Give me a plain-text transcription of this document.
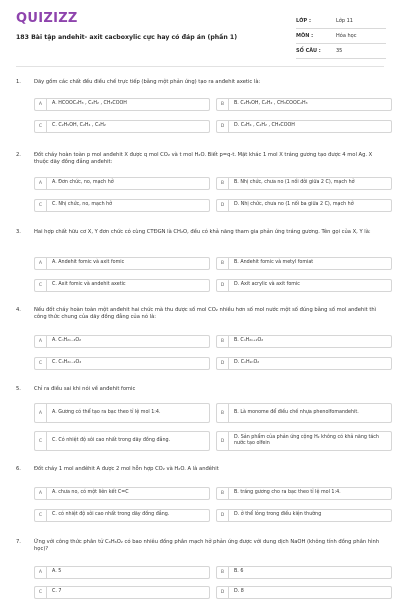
QUIZIZZ
183 Bài tập andehit- axit cacboxylic cực hay có đáp án (phần 1)
LỚP :	Lớp 11
MÔN :	Hóa học
SỐ CÂU :	35
1.	Dãy gồm các chất đều điều chế trực tiếp (bằng một phản ứng) tạo ra anđehit axetic là:
A	A. HCOOC₂H₃ , C₂H₂ , CH₃COOH	B	B. C₂H₅OH, C₂H₂ , CH₃COOC₂H₃
C	C. C₂H₅OH, C₂H₄ , C₂H₂	D	D. C₂H₄ , C₂H₂ , CH₃COOH
2.	Đốt cháy hoàn toàn p mol anđehit X được q mol CO₂ và t mol H₂O. Biết p=q-t. Mặt khác 1 mol X tráng gương tạo được 4 mol Ag. X thuộc dãy đồng đẳng anđehit:
A	A. Đơn chức, no, mạch hở	B	B. Nhị chức, chưa no (1 nối đôi giữa 2 C), mạch hở
C	C. Nhị chức, no, mạch hở	D	D. Nhị chức, chưa no (1 nối ba giữa 2 C), mạch hở
3.	Hai hợp chất hữu cơ X, Y đơn chức có cùng CTĐGN là CH₂O, đều có khả năng tham gia phản ứng tráng gương. Tên gọi của X, Y là:
A	A. Andehit fomic và axit fomic	B	B. Andehit fomic và metyl fomiat
C	C. Axit fomic và andehit axetic	D	D. Axit acrylic và axit fomic
4.	Nếu đốt cháy hoàn toàn một anđehit hai chức mà thu được số mol CO₂ nhiều hơn số mol nước một số đúng bằng số mol anđehit thì công thức chung của dãy đồng đẳng của nó là:
A	A. CₙH₂ₙ₋₄O₂	B	B. CₙH₂ₙ₊₂O₂
C	C. CₙH₂ₙ₋₂O₂	D	D. CₙH₂ₙO₂
5.	Chỉ ra điều sai khi nói về anđehit fomic
A	A. Gương có thể tạo ra bạc theo tỉ lệ mol 1:4.	B	B. Là monome để điều chế nhựa phenolfomandehit.
C	C. Có nhiệt độ sôi cao nhất trong dãy đồng đẳng.	D
D. Sản phẩm của phản ứng cộng H₂ không có khả năng tách nước tạo olfein
6.	Đốt cháy 1 mol anđêhit A được 2 mol hỗn hợp CO₂ và H₂O. A là anđêhit
A	A. chưa no, có một liên kết C=C	B	B. tráng gương cho ra bạc theo tỉ lệ mol 1:4.
C	C. có nhiệt độ sôi cao nhất trong dãy đồng đẳng.	D	D. ở thể lỏng trong điều kiện thường
7.	Ứng với công thức phân tử C₄H₆O₂ có bao nhiêu đồng phân mạch hở phản ứng được với dung dịch NaOH (không tính đồng phân hình học)?
A	A. 5	B	B. 6
C	C. 7	D	D. 8
